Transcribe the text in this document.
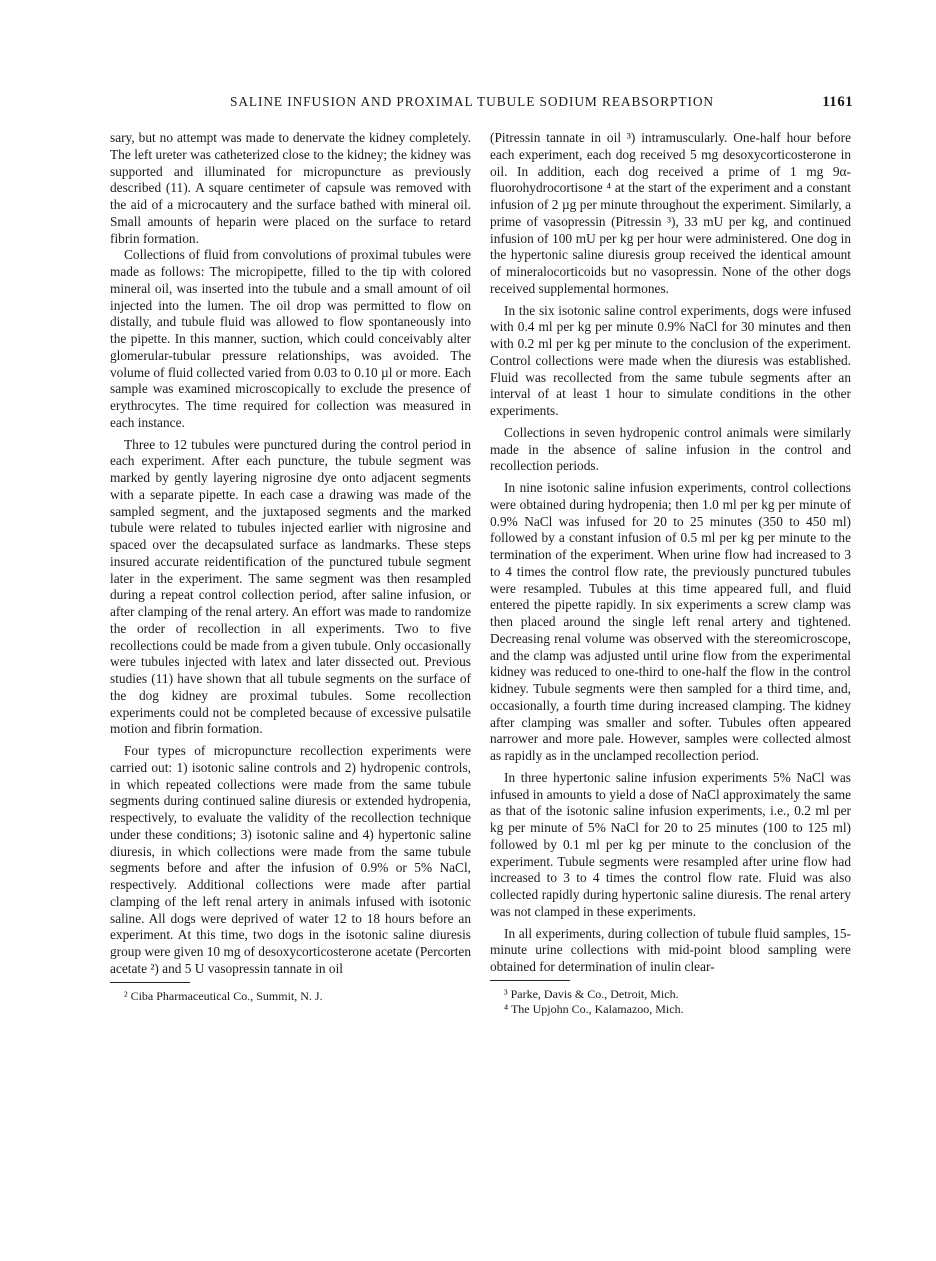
SALINE INFUSION AND PROXIMAL TUBULE SODIUM REABSORPTION	1161

sary, but no attempt was made to denervate the kidney completely. The left ureter was catheterized close to the kidney; the kidney was supported and illuminated for micropuncture as previously described (11). A square centimeter of capsule was removed with the aid of a microcautery and the surface bathed with mineral oil. Small amounts of heparin were placed on the surface to retard fibrin formation.

Collections of fluid from convolutions of proximal tubules were made as follows: The micropipette, filled to the tip with colored mineral oil, was inserted into the tubule and a small amount of oil injected into the lumen. The oil drop was permitted to flow on distally, and tubule fluid was allowed to flow spontaneously into the pipette. In this manner, suction, which could conceivably alter glomerular-tubular pressure relationships, was avoided. The volume of fluid collected varied from 0.03 to 0.10 µl or more. Each sample was examined microscopically to exclude the presence of erythrocytes. The time required for collection was measured in each instance.

Three to 12 tubules were punctured during the control period in each experiment. After each puncture, the tubule segment was marked by gently layering nigrosine dye onto adjacent segments with a separate pipette. In each case a drawing was made of the sampled segment, and the juxtaposed segments and the marked tubule were related to tubules injected earlier with nigrosine and spaced over the decapsulated surface as landmarks. These steps insured accurate reidentification of the punctured tubule segment later in the experiment. The same segment was then resampled during a repeat control collection period, after saline infusion, or after clamping of the renal artery. An effort was made to randomize the order of recollection in all experiments. Two to five recollections could be made from a given tubule. Only occasionally were tubules injected with latex and later dissected out. Previous studies (11) have shown that all tubule segments on the surface of the dog kidney are proximal tubules. Some recollection experiments could not be completed because of excessive pulsatile motion and fibrin formation.

Four types of micropuncture recollection experiments were carried out: 1) isotonic saline controls and 2) hydropenic controls, in which repeated collections were made from the same tubule segments during continued saline diuresis or extended hydropenia, respectively, to evaluate the validity of the recollection technique under these conditions; 3) isotonic saline and 4) hypertonic saline diuresis, in which collections were made from the same tubule segments before and after the infusion of 0.9% or 5% NaCl, respectively. Additional collections were made after partial clamping of the left renal artery in animals infused with isotonic saline. All dogs were deprived of water 12 to 18 hours before an experiment. At this time, two dogs in the isotonic saline diuresis group were given 10 mg of desoxycorticosterone acetate (Percorten acetate ²) and 5 U vasopressin tannate in oil

² Ciba Pharmaceutical Co., Summit, N. J.

(Pitressin tannate in oil ³) intramuscularly. One-half hour before each experiment, each dog received 5 mg desoxycorticosterone in oil. In addition, each dog received a prime of 1 mg 9α-fluorohydrocortisone ⁴ at the start of the experiment and a constant infusion of 2 µg per minute throughout the experiment. Similarly, a prime of vasopressin (Pitressin ³), 33 mU per kg, and continued infusion of 100 mU per kg per hour were administered. One dog in the hypertonic saline diuresis group received the identical amount of mineralocorticoids but no vasopressin. None of the other dogs received supplemental hormones.

In the six isotonic saline control experiments, dogs were infused with 0.4 ml per kg per minute 0.9% NaCl for 30 minutes and then with 0.2 ml per kg per minute to the conclusion of the experiment. Control collections were made when the diuresis was established. Fluid was recollected from the same tubule segments after an interval of at least 1 hour to simulate conditions in the other experiments.

Collections in seven hydropenic control animals were similarly made in the absence of saline infusion in the control and recollection periods.

In nine isotonic saline infusion experiments, control collections were obtained during hydropenia; then 1.0 ml per kg per minute of 0.9% NaCl was infused for 20 to 25 minutes (350 to 450 ml) followed by a constant infusion of 0.5 ml per kg per minute to the termination of the experiment. When urine flow had increased to 3 to 4 times the control flow rate, the previously punctured tubules were resampled. Tubules at this time appeared full, and fluid entered the pipette rapidly. In six experiments a screw clamp was then placed around the single left renal artery and tightened. Decreasing renal volume was observed with the stereomicroscope, and the clamp was adjusted until urine flow from the experimental kidney was reduced to one-third to one-half the flow in the control kidney. Tubule segments were then sampled for a third time, and, occasionally, a fourth time during increased clamping. The kidney after clamping was smaller and softer. Tubules often appeared narrower and more pale. However, samples were collected almost as rapidly as in the unclamped recollection period.

In three hypertonic saline infusion experiments 5% NaCl was infused in amounts to yield a dose of NaCl approximately the same as that of the isotonic saline infusion experiments, i.e., 0.2 ml per kg per minute of 5% NaCl for 20 to 25 minutes (100 to 125 ml) followed by 0.1 ml per kg per minute to the conclusion of the experiment. Tubule segments were resampled after urine flow had increased to 3 to 4 times the control flow rate. Fluid was also collected rapidly during hypertonic saline diuresis. The renal artery was not clamped in these experiments.

In all experiments, during collection of tubule fluid samples, 15-minute urine collections with mid-point blood sampling were obtained for determination of inulin clear-

³ Parke, Davis & Co., Detroit, Mich.

⁴ The Upjohn Co., Kalamazoo, Mich.
